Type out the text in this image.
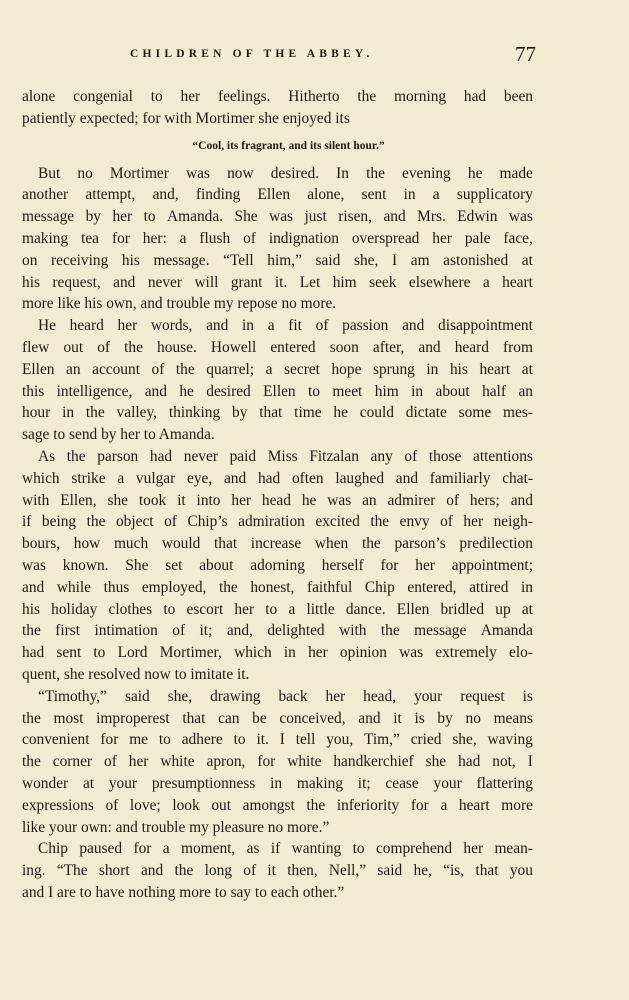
CHILDREN OF THE ABBEY.	77
alone congenial to her feelings. Hitherto the morning had been
patiently expected; for with Mortimer she enjoyed its
“Cool, its fragrant, and its silent hour.”
But no Mortimer was now desired. In the evening he made
another attempt, and, finding Ellen alone, sent in a supplicatory
message by her to Amanda. She was just risen, and Mrs. Edwin was
making tea for her: a flush of indignation overspread her pale face,
on receiving his message. “Tell him,” said she, I am astonished at
his request, and never will grant it. Let him seek elsewhere a heart
more like his own, and trouble my repose no more.
He heard her words, and in a fit of passion and disappointment
flew out of the house. Howell entered soon after, and heard from
Ellen an account of the quarrel; a secret hope sprung in his heart at
this intelligence, and he desired Ellen to meet him in about half an
hour in the valley, thinking by that time he could dictate some mes-
sage to send by her to Amanda.
As the parson had never paid Miss Fitzalan any of those attentions
which strike a vulgar eye, and had often laughed and familiarly chat-
with Ellen, she took it into her head he was an admirer of hers; and
if being the object of Chip’s admiration excited the envy of her neigh-
bours, how much would that increase when the parson’s predilection
was known. She set about adorning herself for her appointment;
and while thus employed, the honest, faithful Chip entered, attired in
his holiday clothes to escort her to a little dance. Ellen bridled up at
the first intimation of it; and, delighted with the message Amanda
had sent to Lord Mortimer, which in her opinion was extremely elo-
quent, she resolved now to imitate it.
“Timothy,” said she, drawing back her head, your request is
the most improperest that can be conceived, and it is by no means
convenient for me to adhere to it. I tell you, Tim,” cried she, waving
the corner of her white apron, for white handkerchief she had not, I
wonder at your presumptionness in making it; cease your flattering
expressions of love; look out amongst the inferiority for a heart more
like your own: and trouble my pleasure no more.”
Chip paused for a moment, as if wanting to comprehend her mean-
ing. “The short and the long of it then, Nell,” said he, “is, that you
and I are to have nothing more to say to each other.”
